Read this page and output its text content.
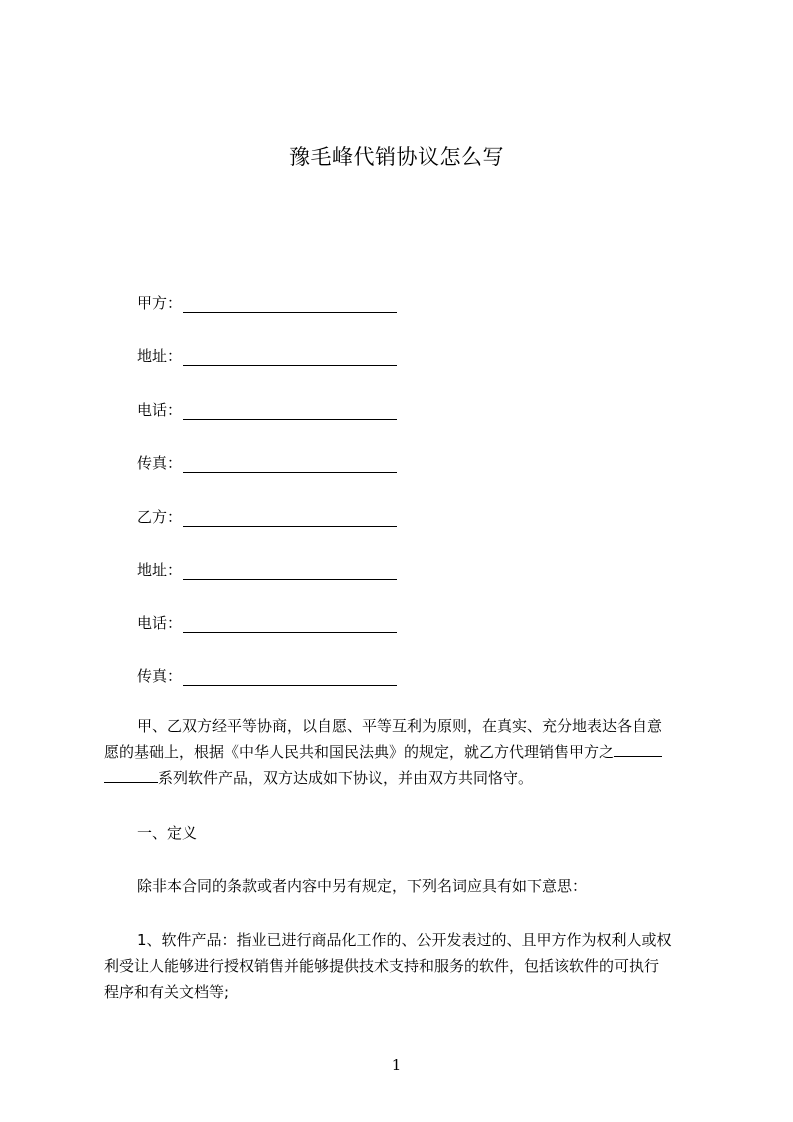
豫毛峰代销协议怎么写
甲方：
地址：
电话：
传真：
乙方：
地址：
电话：
传真：
甲、乙双方经平等协商，以自愿、平等互利为原则，在真实、充分地表达各自意
愿的基础上，根据《中华人民共和国民法典》的规定，就乙方代理销售甲方之
系列软件产品，双方达成如下协议，并由双方共同恪守。
一、定义
除非本合同的条款或者内容中另有规定，下列名词应具有如下意思：
1、软件产品：指业已进行商品化工作的、公开发表过的、且甲方作为权利人或权
利受让人能够进行授权销售并能够提供技术支持和服务的软件，包括该软件的可执行
程序和有关文档等;
1
